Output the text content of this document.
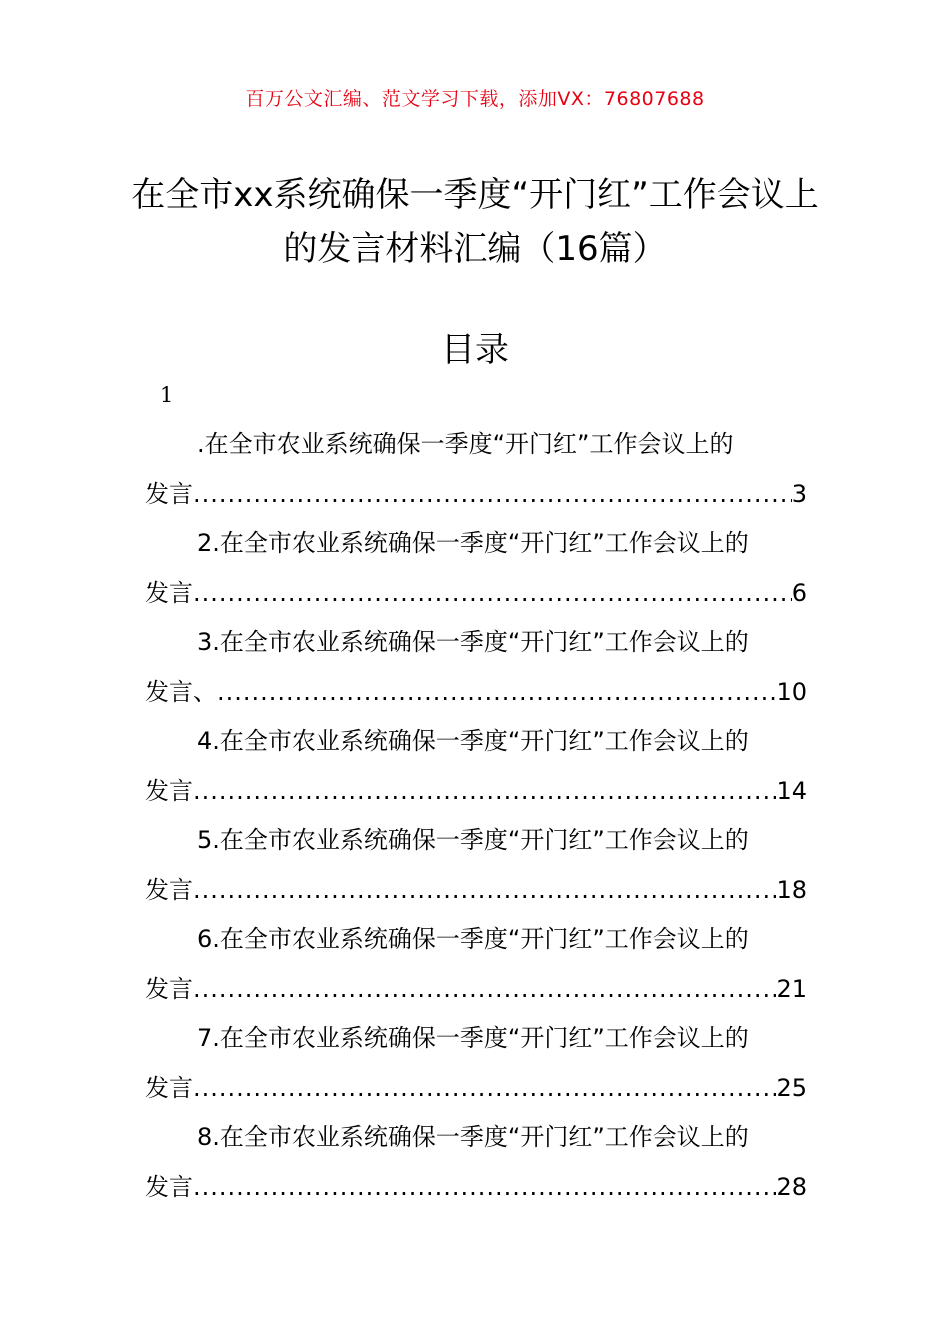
百万公文汇编、范文学习下载，添加VX：76807688
在全市xx系统确保一季度“开门红”工作会议上的发言材料汇编（16篇）
目录
1
.在全市农业系统确保一季度“开门红”工作会议上的
发言 .....	3
2.在全市农业系统确保一季度“开门红”工作会议上的
发言 .....	6
3.在全市农业系统确保一季度“开门红”工作会议上的
发言、 .....	10
4.在全市农业系统确保一季度“开门红”工作会议上的
发言 .....	14
5.在全市农业系统确保一季度“开门红”工作会议上的
发言 .....	18
6.在全市农业系统确保一季度“开门红”工作会议上的
发言 .....	21
7.在全市农业系统确保一季度“开门红”工作会议上的
发言 .....	25
8.在全市农业系统确保一季度“开门红”工作会议上的
发言 .....	28
